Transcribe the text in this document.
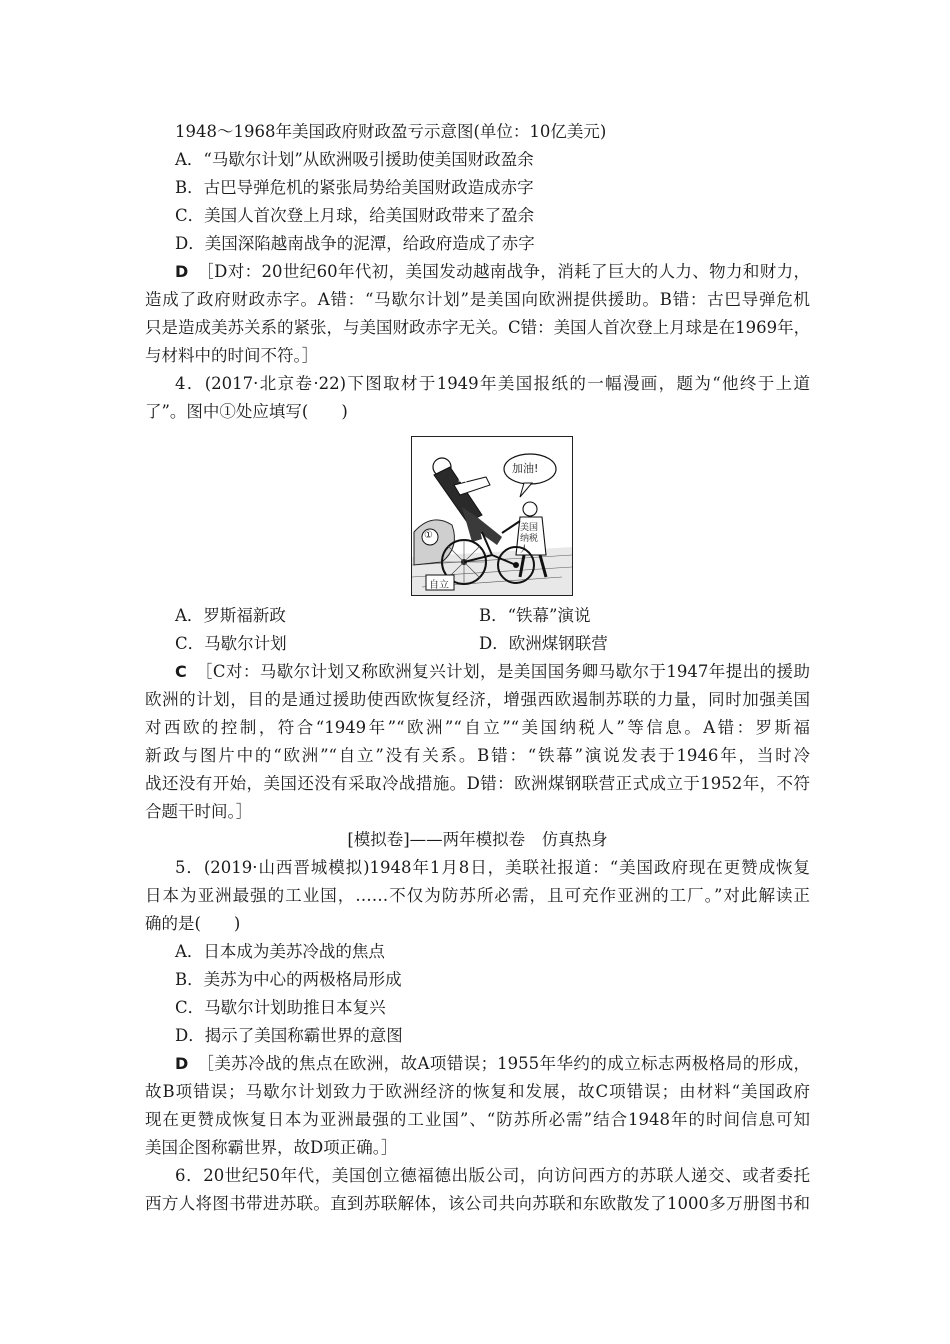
1948～1968年美国政府财政盈亏示意图(单位：10亿美元)
A．“马歇尔计划”从欧洲吸引援助使美国财政盈余
B．古巴导弹危机的紧张局势给美国财政造成赤字
C．美国人首次登上月球，给美国财政带来了盈余
D．美国深陷越南战争的泥潭，给政府造成了赤字
D　 ［D对：20世纪60年代初，美国发动越南战争，消耗了巨大的人力、物力和财力，
造成了政府财政赤字。A错：“马歇尔计划”是美国向欧洲提供援助。B错：古巴导弹危机
只是造成美苏关系的紧张，与美国财政赤字无关。C错：美国人首次登上月球是在1969年，
与材料中的时间不符。］
4．(2017·北京卷·22)下图取材于1949年美国报纸的一幅漫画，题为“他终于上道
了”。图中①处应填写(　　)
加油!
欧洲
美国纳税人
①
自立
A．罗斯福新政	B．“铁幕”演说
C．马歇尔计划	D．欧洲煤钢联营
C　 ［C对：马歇尔计划又称欧洲复兴计划，是美国国务卿马歇尔于1947年提出的援助
欧洲的计划，目的是通过援助使西欧恢复经济，增强西欧遏制苏联的力量，同时加强美国
对西欧的控制，符合“1949年”“欧洲”“自立”“美国纳税人”等信息。A错：罗斯福
新政与图片中的“欧洲”“自立”没有关系。B错：“铁幕”演说发表于1946年，当时冷
战还没有开始，美国还没有采取冷战措施。D错：欧洲煤钢联营正式成立于1952年，不符
合题干时间。］
[模拟卷]——两年模拟卷　仿真热身
5．(2019·山西晋城模拟)1948年1月8日，美联社报道：“美国政府现在更赞成恢复
日本为亚洲最强的工业国，……不仅为防苏所必需，且可充作亚洲的工厂。”对此解读正
确的是(　　)
A．日本成为美苏冷战的焦点
B．美苏为中心的两极格局形成
C．马歇尔计划助推日本复兴
D．揭示了美国称霸世界的意图
D　 ［美苏冷战的焦点在欧洲，故A项错误；1955年华约的成立标志两极格局的形成，
故B项错误；马歇尔计划致力于欧洲经济的恢复和发展，故C项错误；由材料“美国政府
现在更赞成恢复日本为亚洲最强的工业国”、“防苏所必需”结合1948年的时间信息可知
美国企图称霸世界，故D项正确。］
6．20世纪50年代，美国创立德福德出版公司，向访问西方的苏联人递交、或者委托
西方人将图书带进苏联。直到苏联解体，该公司共向苏联和东欧散发了1000多万册图书和
